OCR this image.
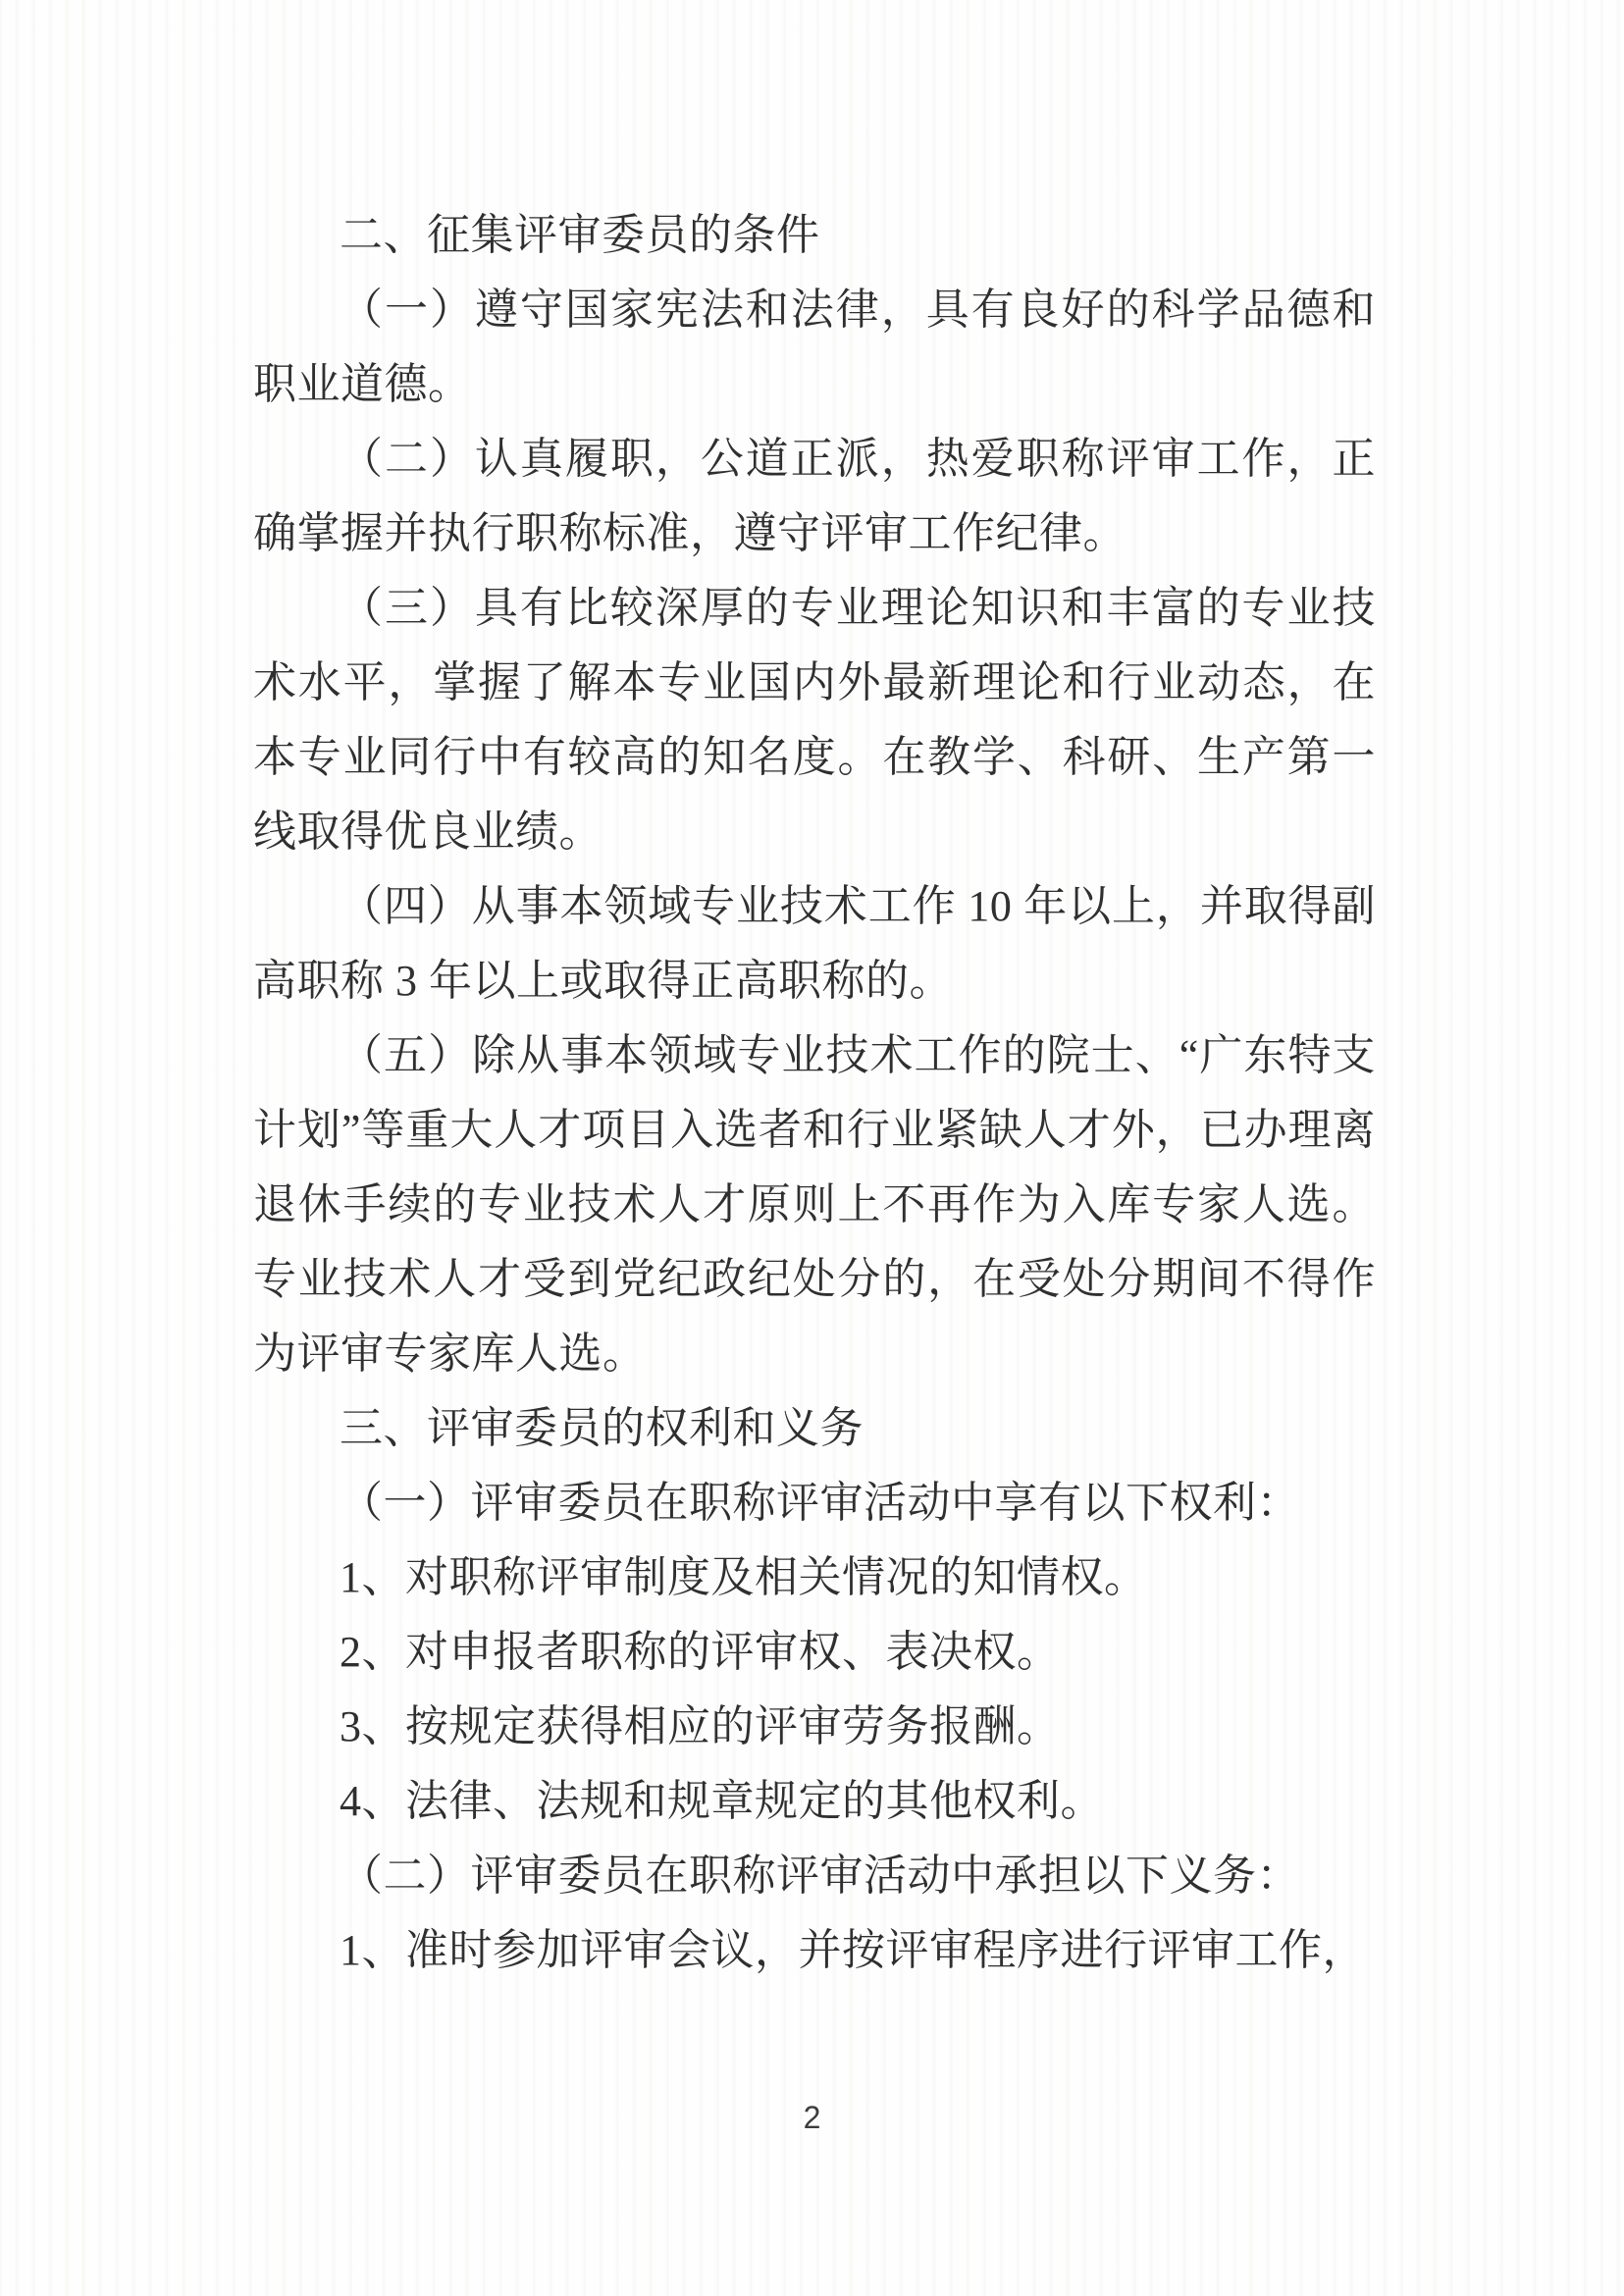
二、征集评审委员的条件

（一）遵守国家宪法和法律，具有良好的科学品德和职业道德。

（二）认真履职，公道正派，热爱职称评审工作，正确掌握并执行职称标准，遵守评审工作纪律。

（三）具有比较深厚的专业理论知识和丰富的专业技术水平，掌握了解本专业国内外最新理论和行业动态，在本专业同行中有较高的知名度。在教学、科研、生产第一线取得优良业绩。

（四）从事本领域专业技术工作 10 年以上，并取得副高职称 3 年以上或取得正高职称的。

（五）除从事本领域专业技术工作的院士、“广东特支计划”等重大人才项目入选者和行业紧缺人才外，已办理离退休手续的专业技术人才原则上不再作为入库专家人选。专业技术人才受到党纪政纪处分的，在受处分期间不得作为评审专家库人选。

三、评审委员的权利和义务

（一）评审委员在职称评审活动中享有以下权利：

1、对职称评审制度及相关情况的知情权。

2、对申报者职称的评审权、表决权。

3、按规定获得相应的评审劳务报酬。

4、法律、法规和规章规定的其他权利。

（二）评审委员在职称评审活动中承担以下义务：

1、准时参加评审会议，并按评审程序进行评审工作，

2
